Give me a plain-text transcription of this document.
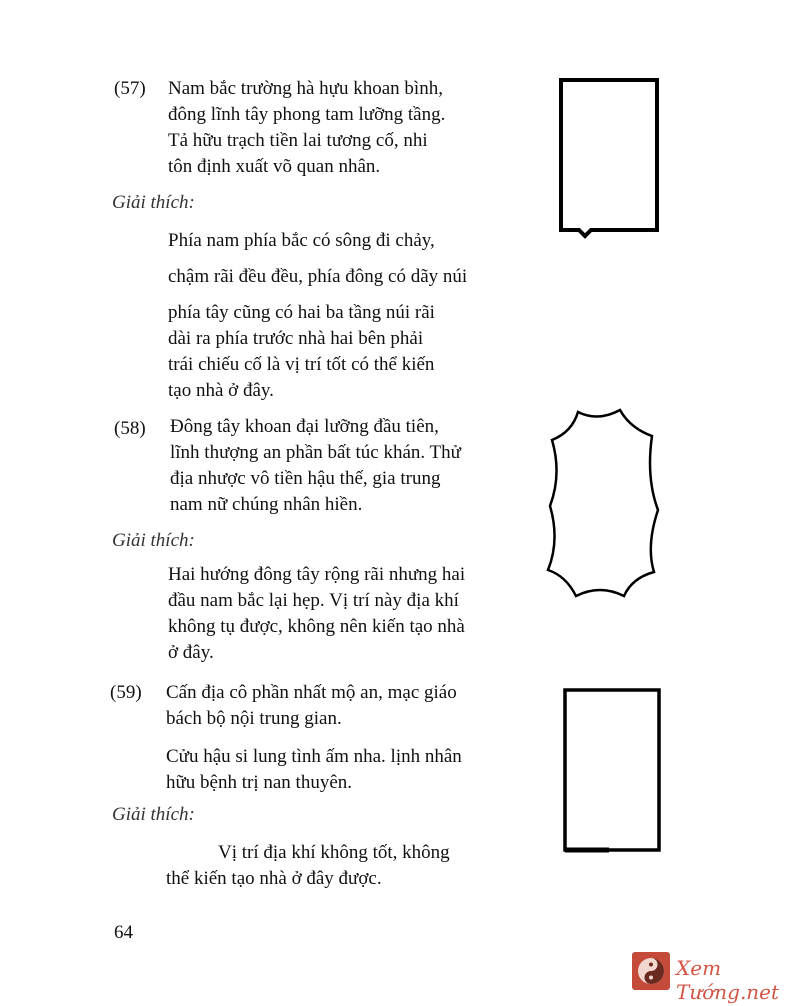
(57) Nam bắc trường hà hựu khoan bình,
đông lĩnh tây phong tam lưỡng tầng.
Tả hữu trạch tiền lai tương cố, nhi
tôn định xuất võ quan nhân.
Giải thích:
Phía nam phía bắc có sông đi chảy,
chậm rãi đều đều, phía đông có dãy núi
phía tây cũng có hai ba tầng núi rãi
dài ra phía trước nhà hai bên phải
trái chiếu cố là vị trí tốt có thể kiến
tạo nhà ở đây.
(58) Đông tây khoan đại lưỡng đầu tiên,
lĩnh thượng an phần bất túc khán. Thử
địa nhược vô tiền hậu thế, gia trung
nam nữ chúng nhân hiền.
Giải thích:
Hai hướng đông tây rộng rãi nhưng hai
đầu nam bắc lại hẹp. Vị trí này địa khí
không tụ được, không nên kiến tạo nhà
ở đây.
(59) Cấn địa cô phần nhất mộ an, mạc giáo
bách bộ nội trung gian.
Cửu hậu si lung tình ấm nha. lịnh nhân
hữu bệnh trị nan thuyên.
Giải thích:
Vị trí địa khí không tốt, không
thể kiến tạo nhà ở đây được.
64
Xem Tướng.net
